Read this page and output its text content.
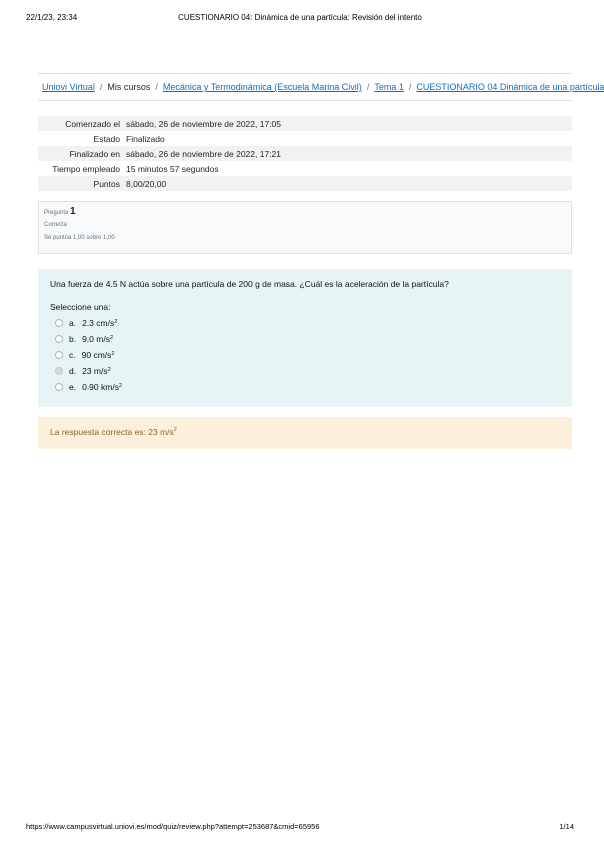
22/1/23, 23:34	CUESTIONARIO 04: Dinámica de una partícula: Revisión del intento
Uniovi Virtual / Mis cursos / Mecánica y Termodinámica (Escuela Marina Civil) / Tema 1 / CUESTIONARIO 04 Dinámica de una partícula
Comenzado el	sábado, 26 de noviembre de 2022, 17:05
Estado	Finalizado
Finalizado en	sábado, 26 de noviembre de 2022, 17:21
Tiempo empleado	15 minutos 57 segundos
Puntos	8,00/20,00
Pregunta 1
Correcta
Se puntúa 1,00 sobre 1,00
Una fuerza de 4.5 N actúa sobre una partícula de 200 g de masa. ¿Cuál es la aceleración de la partícula?
Seleccione una:
a. 2.3 $cm/s^2$
b. 9.0 $m/s^2$
c. 90 $cm/s^2$
d. 23 $m/s^2$
e. 0.90 $km/s^2$
La respuesta correcta es: 23 $m/s^2$
https://www.campusvirtual.uniovi.es/mod/quiz/review.php?attempt=253687&cmid=65956	1/14
